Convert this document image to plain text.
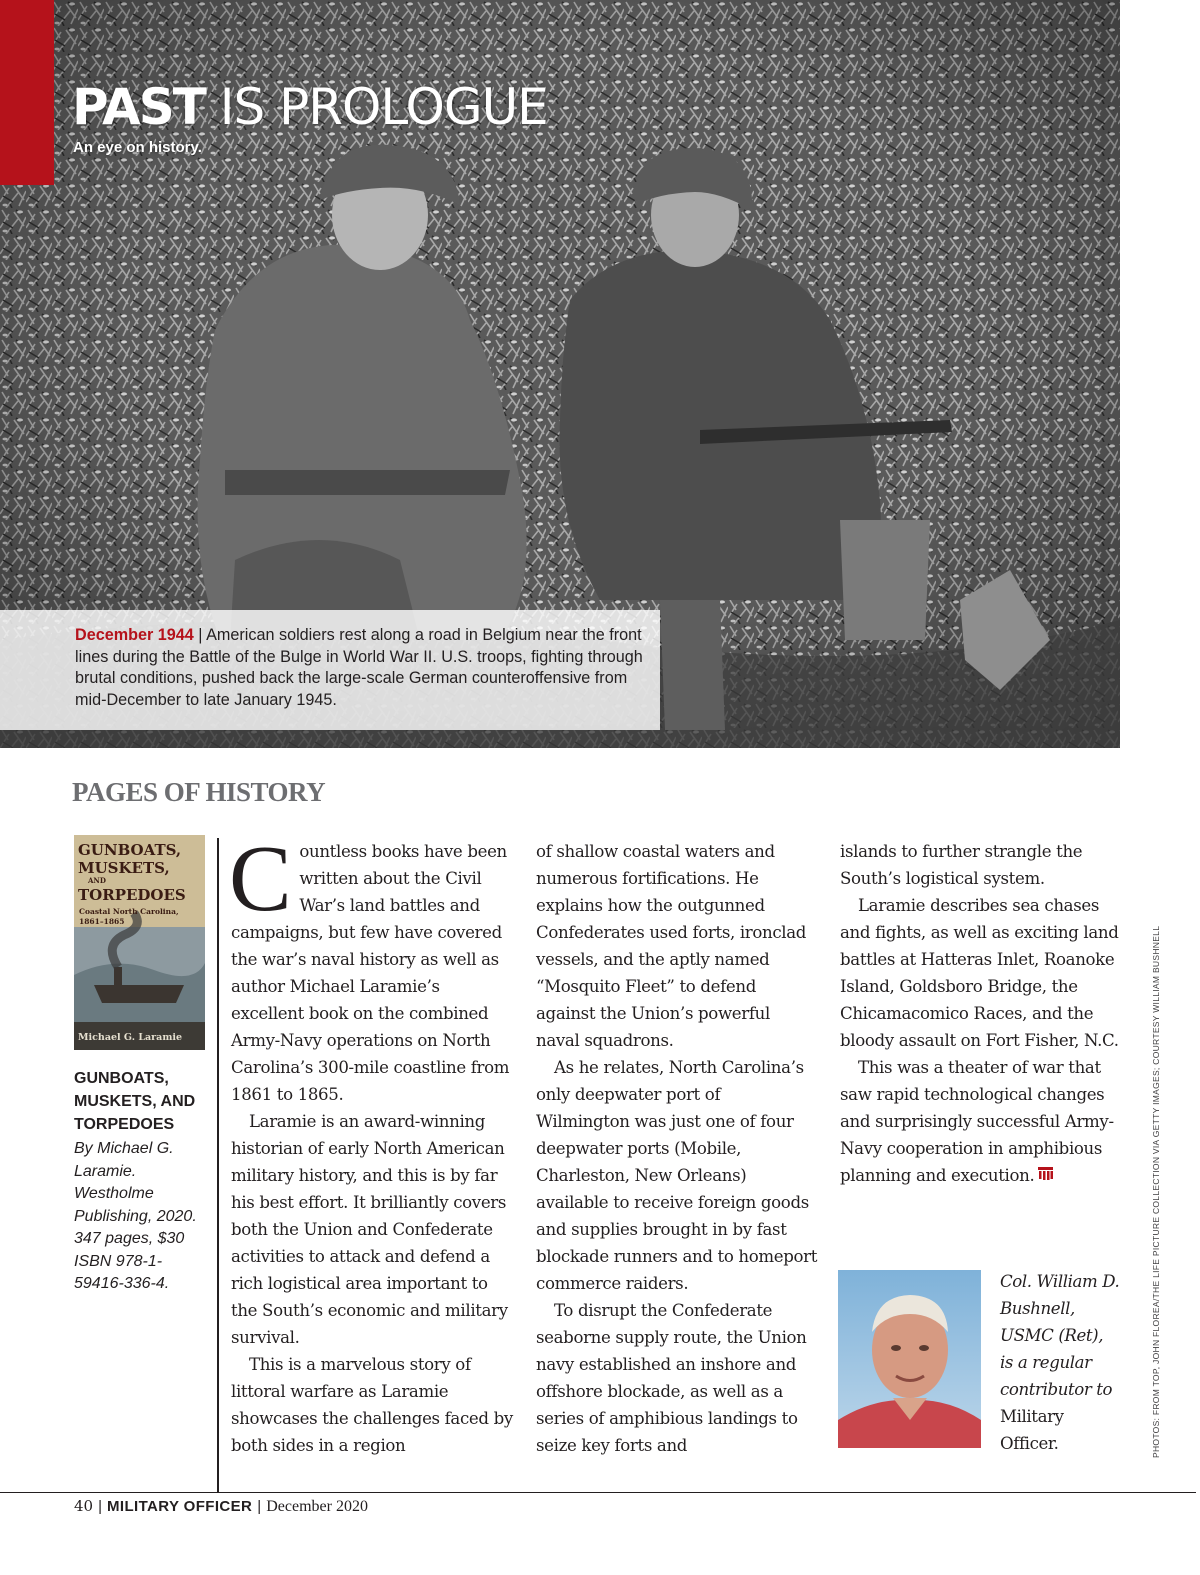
PAST IS PROLOGUE
An eye on history.
December 1944 | American soldiers rest along a road in Belgium near the front lines during the Battle of the Bulge in World War II. U.S. troops, fighting through brutal conditions, pushed back the large-scale German counteroffensive from mid-December to late January 1945.
PAGES OF HISTORY
GUNBOATS,
MUSKETS,
AND
TORPEDOES
Coastal North Carolina,
1861–1865
Michael G. Laramie
GUNBOATS, MUSKETS, AND TORPEDOES
By Michael G. Laramie.
Westholme Publishing, 2020.
347 pages, $30
ISBN 978-1-59416-336-4.

Countless books have been written about the Civil War’s land battles and campaigns, but few have covered the war’s naval history as well as author Michael Laramie’s excellent book on the combined Army-Navy operations on North Carolina’s 300-mile coastline from 1861 to 1865.

Laramie is an award-winning historian of early North American military history, and this is by far his best effort. It brilliantly covers both the Union and Confederate activities to attack and defend a rich logistical area important to the South’s economic and military survival.

This is a marvelous story of littoral warfare as Laramie showcases the challenges faced by both sides in a region

of shallow coastal waters and numerous fortifications. He explains how the outgunned Confederates used forts, ironclad vessels, and the aptly named “Mosquito Fleet” to defend against the Union’s powerful naval squadrons.

As he relates, North Carolina’s only deepwater port of Wilmington was just one of four deepwater ports (Mobile, Charleston, New Orleans) available to receive foreign goods and supplies brought in by fast blockade runners and to homeport commerce raiders.

To disrupt the Confederate seaborne supply route, the Union navy established an inshore and offshore blockade, as well as a series of amphibious landings to seize key forts and

islands to further strangle the South’s logistical system.

Laramie describes sea chases and fights, as well as exciting land battles at Hatteras Inlet, Roanoke Island, Goldsboro Bridge, the Chicamacomico Races, and the bloody assault on Fort Fisher, N.C.

This was a theater of war that saw rapid technological changes and surprisingly successful Army-Navy cooperation in amphibious planning and execution.

Col. William D. Bushnell, USMC (Ret), is a regular contributor to Military Officer.	PHOTOS: FROM TOP, JOHN FLOREA/THE LIFE PICTURE COLLECTION VIA GETTY IMAGES; COURTESY WILLIAM BUSHNELL
40 | MILITARY OFFICER | December 2020
